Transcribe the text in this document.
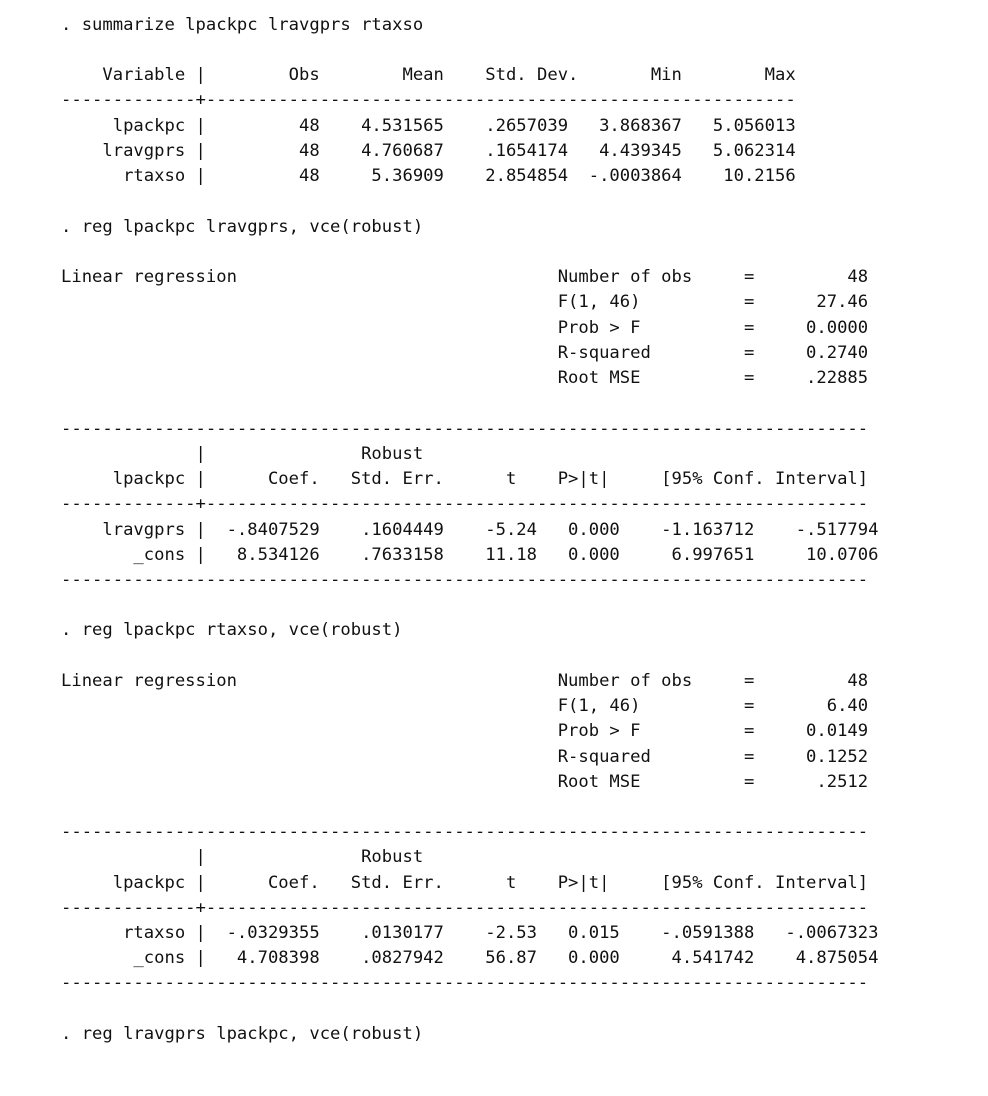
. summarize lpackpc lravgprs rtaxso
Variable |        Obs        Mean    Std. Dev.       Min        Max
-------------+---------------------------------------------------------
lpackpc |         48    4.531565    .2657039   3.868367   5.056013
lravgprs |         48    4.760687    .1654174   4.439345   5.062314
rtaxso |         48     5.36909    2.854854  -.0003864    10.2156
. reg lpackpc lravgprs, vce(robust)
Linear regression                               Number of obs     =         48
F(1, 46)          =      27.46
Prob > F          =     0.0000
R-squared         =     0.2740
Root MSE          =     .22885
------------------------------------------------------------------------------
|               Robust
lpackpc |      Coef.   Std. Err.      t    P>|t|     [95% Conf. Interval]
-------------+----------------------------------------------------------------
lravgprs |  -.8407529    .1604449    -5.24   0.000    -1.163712    -.517794
_cons |   8.534126    .7633158    11.18   0.000     6.997651     10.0706
------------------------------------------------------------------------------
. reg lpackpc rtaxso, vce(robust)
Linear regression                               Number of obs     =         48
F(1, 46)          =       6.40
Prob > F          =     0.0149
R-squared         =     0.1252
Root MSE          =      .2512
------------------------------------------------------------------------------
|               Robust
lpackpc |      Coef.   Std. Err.      t    P>|t|     [95% Conf. Interval]
-------------+----------------------------------------------------------------
rtaxso |  -.0329355    .0130177    -2.53   0.015    -.0591388   -.0067323
_cons |   4.708398    .0827942    56.87   0.000     4.541742    4.875054
------------------------------------------------------------------------------
. reg lravgprs lpackpc, vce(robust)
